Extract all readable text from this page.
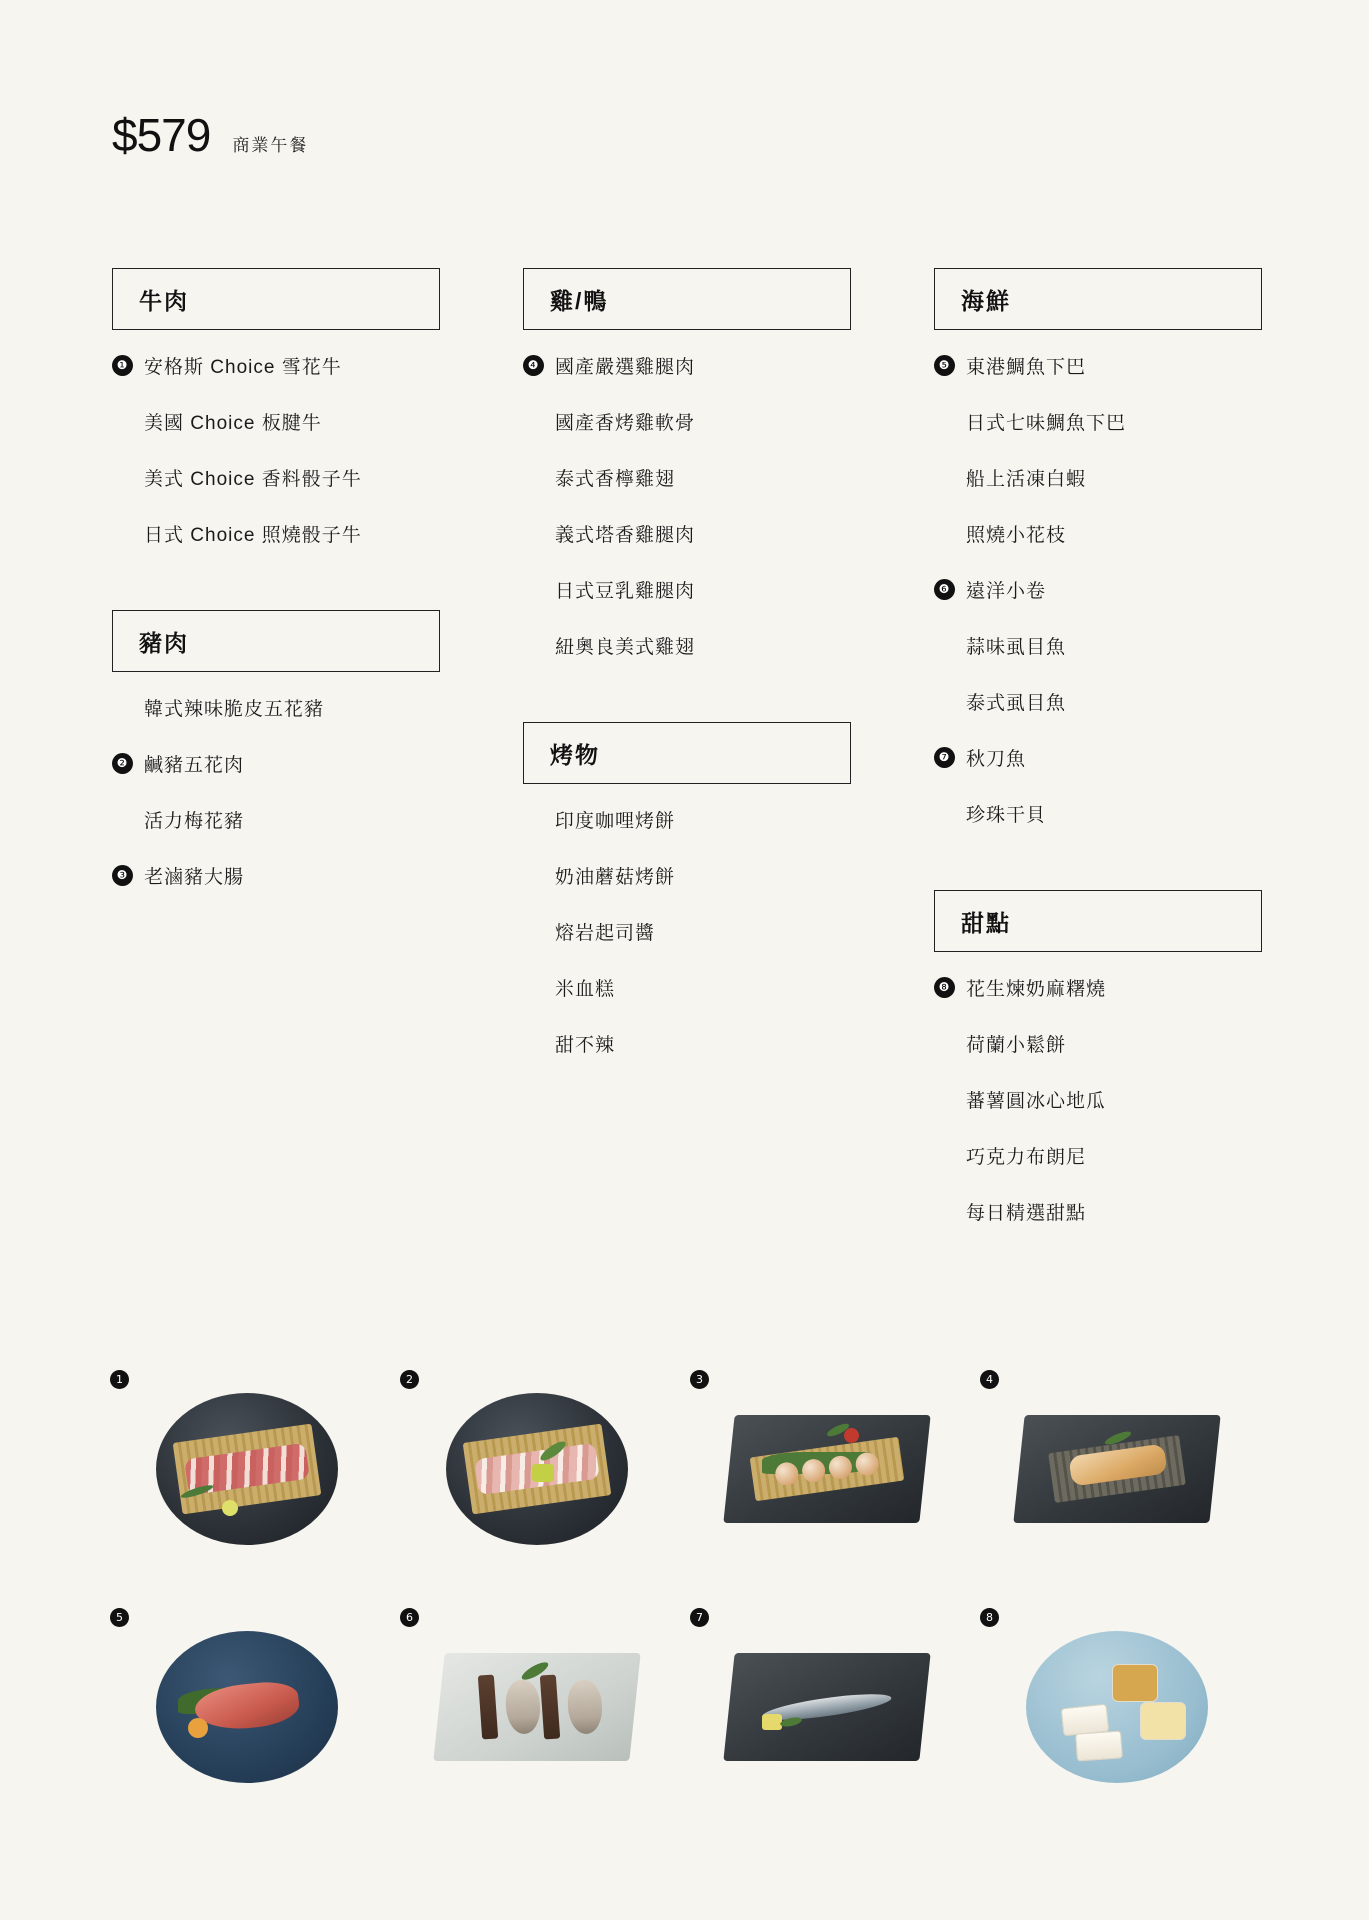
$579 商業午餐
牛肉
❶ 安格斯 Choice 雪花牛
美國 Choice 板腱牛
美式 Choice 香料骰子牛
日式 Choice 照燒骰子牛
豬肉
韓式辣味脆皮五花豬
❷ 鹹豬五花肉
活力梅花豬
❸ 老滷豬大腸
雞/鴨
❹ 國產嚴選雞腿肉
國產香烤雞軟骨
泰式香檸雞翅
義式塔香雞腿肉
日式豆乳雞腿肉
紐奧良美式雞翅
烤物
印度咖哩烤餅
奶油蘑菇烤餅
熔岩起司醬
米血糕
甜不辣
海鮮
❺ 東港鯛魚下巴
日式七味鯛魚下巴
船上活凍白蝦
照燒小花枝
❻ 遠洋小卷
蒜味虱目魚
泰式虱目魚
❼ 秋刀魚
珍珠干貝
甜點
❽ 花生煉奶麻糬燒
荷蘭小鬆餅
蕃薯圓冰心地瓜
巧克力布朗尼
每日精選甜點
1	2	3	4
5	6	7	8
